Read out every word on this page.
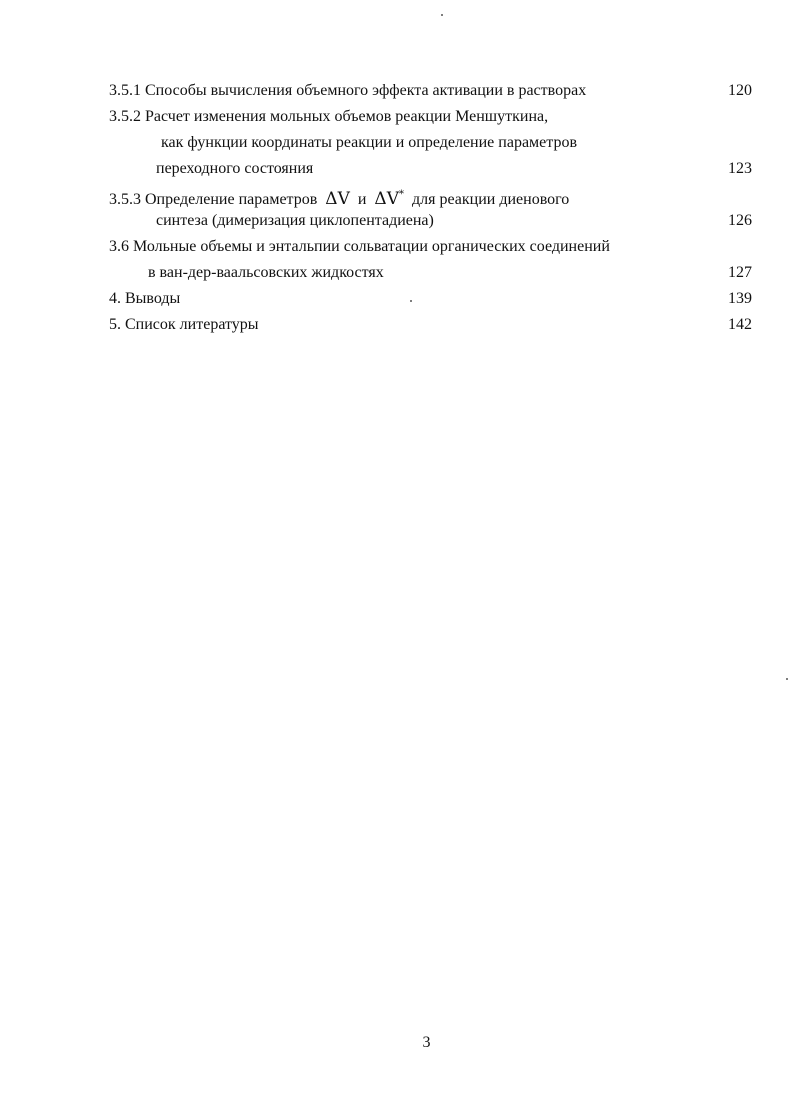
3.5.1 Способы вычисления объемного эффекта активации в растворах	120
3.5.2 Расчет изменения мольных объемов реакции Меншуткина,
как функции координаты реакции и определение параметров
переходного состояния	123
3.5.3 Определение параметров ΔV и ΔV* для реакции диенового
синтеза (димеризация циклопентадиена)	126
3.6 Мольные объемы и энтальпии сольватации органических соединений
в ван-дер-ваальсовских жидкостях	127
4. Выводы	139
5. Список литературы	142
3
